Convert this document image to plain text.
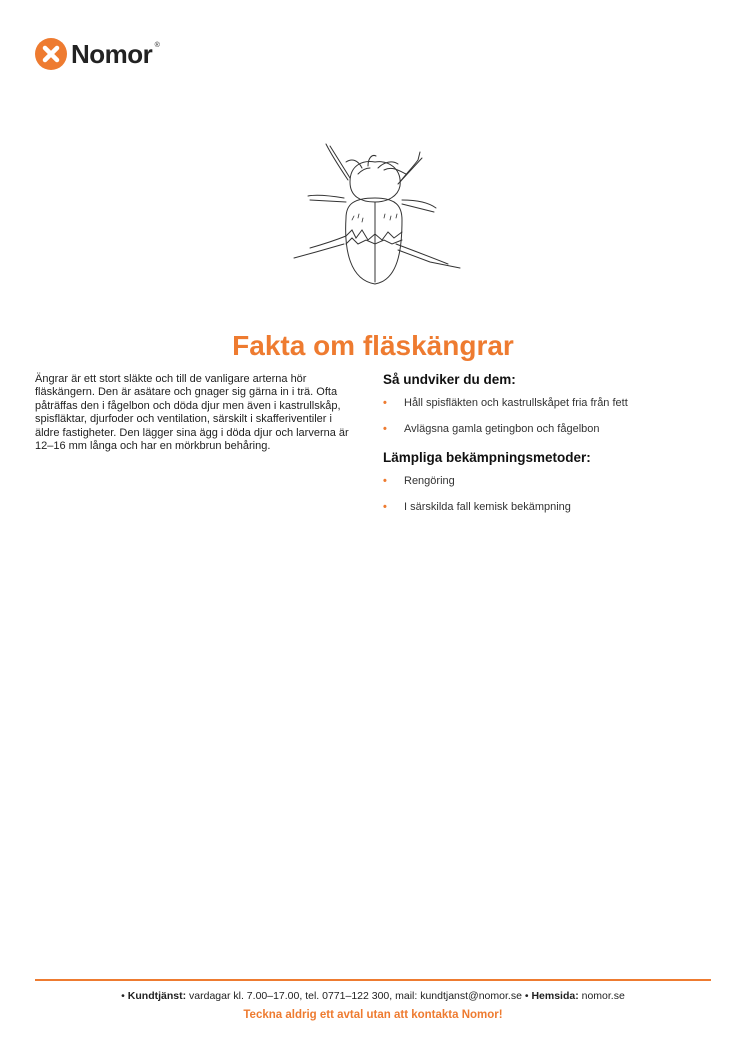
Nomor ®
Fakta om fläskängrar

Ängrar är ett stort släkte och till de vanligare arterna hör fläskängern. Den är asätare och gnager sig gärna in i trä. Ofta påträffas den i fågelbon och döda djur men även i kastrullskåp, spisfläktar, djurfoder och ventilation, särskilt i skafferiventiler i äldre fastigheter. Den lägger sina ägg i döda djur och larverna är 12–16 mm långa och har en mörkbrun behåring.

Så undviker du dem:
• Håll spisfläkten och kastrullskåpet fria från fett
• Avlägsna gamla getingbon och fågelbon
Lämpliga bekämpningsmetoder:
• Rengöring
• I särskilda fall kemisk bekämpning
• Kundtjänst: vardagar kl. 7.00–17.00, tel. 0771–122 300, mail: kundtjanst@nomor.se • Hemsida: nomor.se
Teckna aldrig ett avtal utan att kontakta Nomor!
